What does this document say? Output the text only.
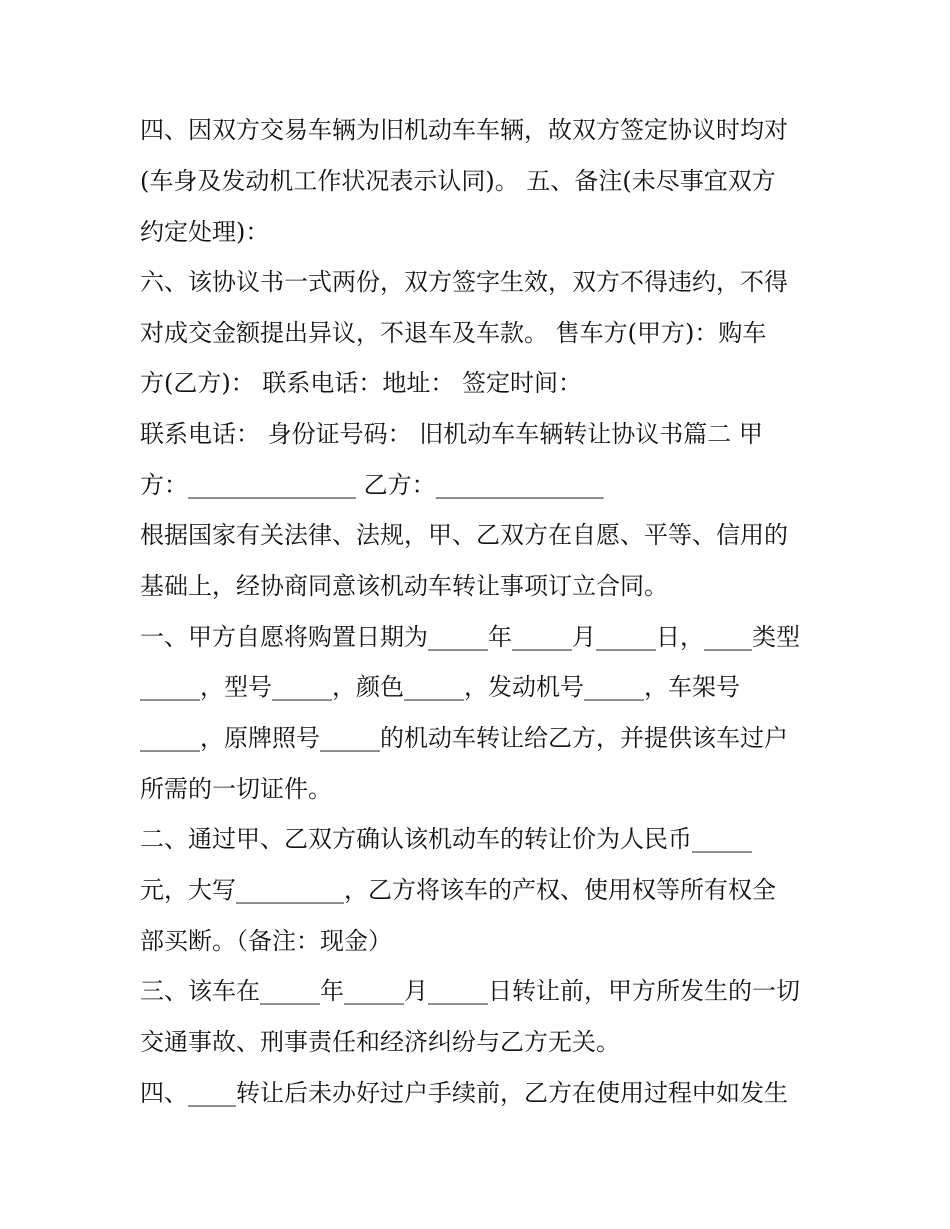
四、因双方交易车辆为旧机动车车辆，故双方签定协议时均对
(车身及发动机工作状况表示认同)。 五、备注(未尽事宜双方
约定处理)：
六、该协议书一式两份，双方签字生效，双方不得违约，不得
对成交金额提出异议，不退车及车款。 售车方(甲方)：购车
方(乙方)： 联系电话：地址： 签定时间：
联系电话： 身份证号码： 旧机动车车辆转让协议书篇二 甲
方：______________ 乙方：______________
根据国家有关法律、法规，甲、乙双方在自愿、平等、信用的
基础上，经协商同意该机动车转让事项订立合同。
一、甲方自愿将购置日期为_____年_____月_____日，____类型
_____，型号_____，颜色_____，发动机号_____，车架号
_____，原牌照号_____的机动车转让给乙方，并提供该车过户
所需的一切证件。
二、通过甲、乙双方确认该机动车的转让价为人民币_____
元，大写_________，乙方将该车的产权、使用权等所有权全
部买断。（备注：现金）
三、该车在_____年_____月_____日转让前，甲方所发生的一切
交通事故、刑事责任和经济纠纷与乙方无关。
四、____转让后未办好过户手续前，乙方在使用过程中如发生
